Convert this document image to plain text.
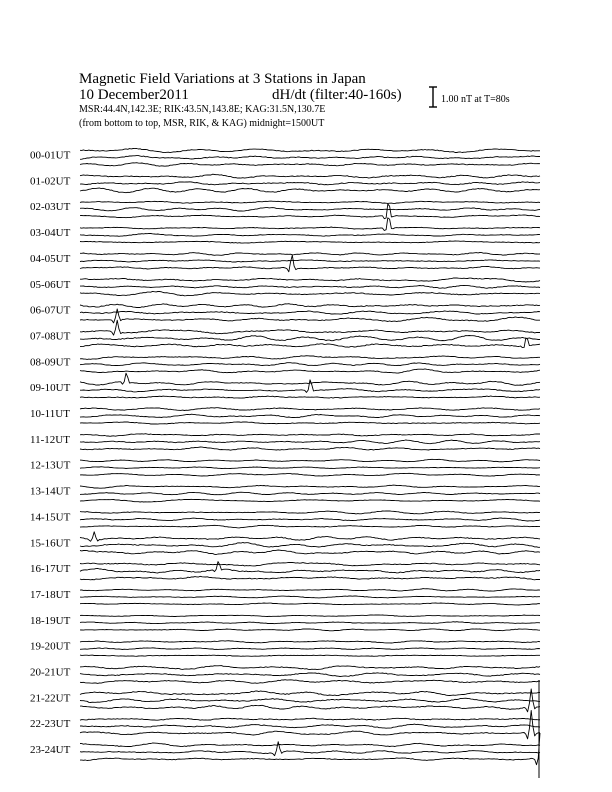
Magnetic Field Variations at 3 Stations in Japan
10 December2011	dH/dt (filter:40-160s)
MSR:44.4N,142.3E; RIK:43.5N,143.8E; KAG:31.5N,130.7E
(from bottom to top, MSR, RIK, & KAG) midnight=1500UT
1.00 nT at T=80s
00-01UT
01-02UT
02-03UT
03-04UT
04-05UT
05-06UT
06-07UT
07-08UT
08-09UT
09-10UT
10-11UT
11-12UT
12-13UT
13-14UT
14-15UT
15-16UT
16-17UT
17-18UT
18-19UT
19-20UT
20-21UT
21-22UT
22-23UT
23-24UT
